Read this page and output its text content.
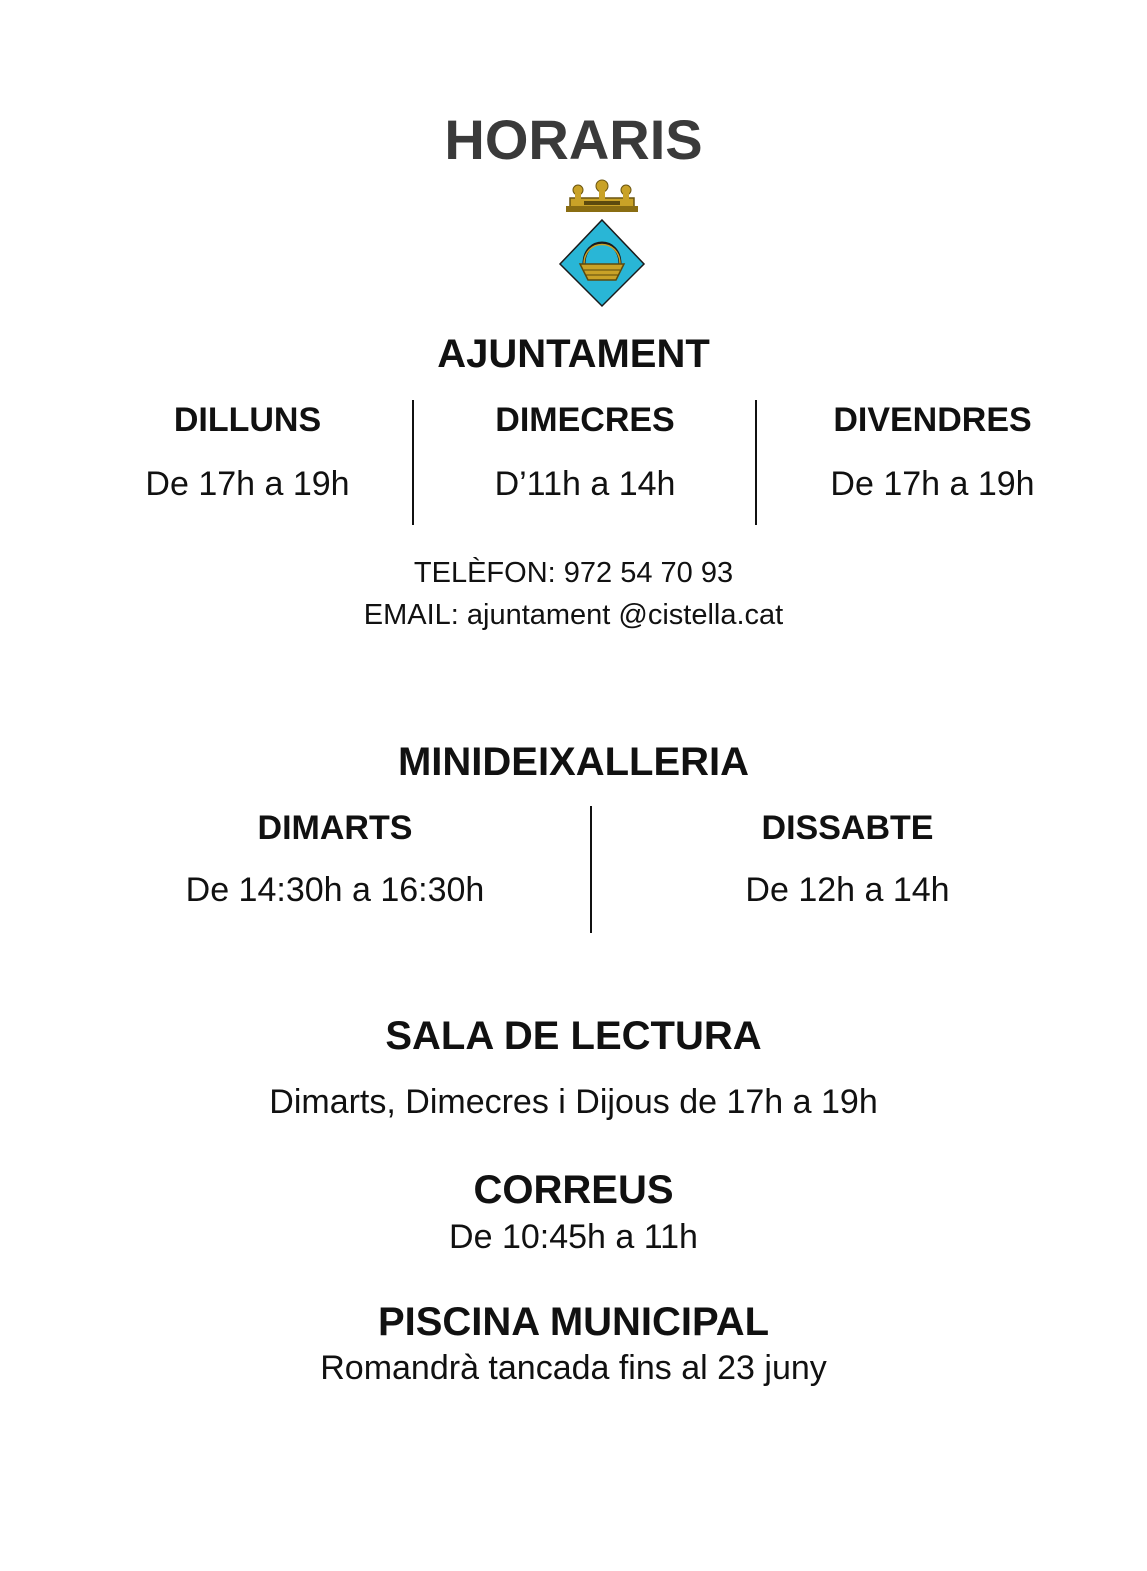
HORARIS
AJUNTAMENT
DILLUNS
De 17h a 19h
DIMECRES
D’11h a 14h
DIVENDRES
De 17h a 19h
TELÈFON: 972 54 70 93
EMAIL: ajuntament @cistella.cat
MINIDEIXALLERIA
DIMARTS
De 14:30h a 16:30h
DISSABTE
De 12h a 14h
SALA DE LECTURA
Dimarts, Dimecres i Dijous de 17h a 19h
CORREUS
De 10:45h a 11h
PISCINA MUNICIPAL
Romandrà tancada fins al 23 juny
